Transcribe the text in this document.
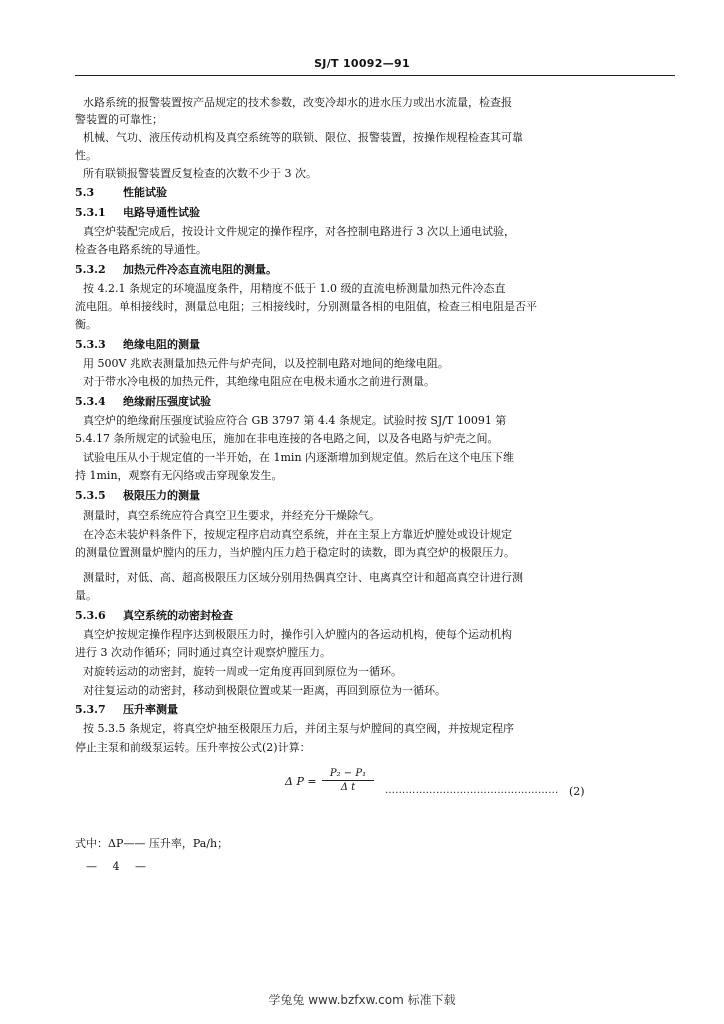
SJ/T 10092—91
水路系统的报警装置按产品规定的技术参数，改变冷却水的进水压力或出水流量，检查报
警装置的可靠性；
机械、气功、液压传动机构及真空系统等的联锁、限位、报警装置，按操作规程检查其可靠
性。
所有联锁报警装置反复检查的次数不少于 3 次。
5.3	性能试验
5.3.1 电路导通性试验
真空炉装配完成后，按设计文件规定的操作程序，对各控制电路进行 3 次以上通电试验，
检查各电路系统的导通性。
5.3.2 加热元件冷态直流电阻的测量。
按 4.2.1 条规定的环境温度条件，用精度不低于 1.0 级的直流电桥测量加热元件冷态直
流电阻。单相接线时，测量总电阻；三相接线时，分别测量各相的电阻值，检查三相电阻是否平
衡。
5.3.3 绝缘电阻的测量
用 500V 兆欧表测量加热元件与炉壳间，以及控制电路对地间的绝缘电阻。
对于带水冷电极的加热元件，其绝缘电阻应在电极未通水之前进行测量。
5.3.4 绝缘耐压强度试验
真空炉的绝缘耐压强度试验应符合 GB 3797 第 4.4 条规定。试验时按 SJ/T 10091 第
5.4.17 条所规定的试验电压，施加在非电连接的各电路之间，以及各电路与炉壳之间。
试验电压从小于规定值的一半开始，在 1min 内逐渐增加到规定值。然后在这个电压下维
持 1min，观察有无闪络或击穿现象发生。
5.3.5 极限压力的测量
测量时，真空系统应符合真空卫生要求，并经充分干燥除气。
在冷态未装炉料条件下，按规定程序启动真空系统，并在主泵上方靠近炉膛处或设计规定
的测量位置测量炉膛内的压力，当炉膛内压力趋于稳定时的读数，即为真空炉的极限压力。
测量时，对低、高、超高极限压力区域分别用热偶真空计、电离真空计和超高真空计进行测
量。
5.3.6 真空系统的动密封检查
真空炉按规定操作程序达到极限压力时，操作引入炉膛内的各运动机构，使每个运动机构
进行 3 次动作循环；同时通过真空计观察炉膛压力。
对旋转运动的动密封，旋转一周或一定角度再回到原位为一循环。
对往复运动的动密封，移动到极限位置或某一距离，再回到原位为一循环。
5.3.7 压升率测量
按 5.3.5 条规定，将真空炉抽至极限压力后，并闭主泵与炉膛间的真空阀，并按规定程序
停止主泵和前级泵运转。压升率按公式(2)计算：
Δ $P = \frac{\text{P₂ − P₁}}{\text{Δ t}}$ …………………………………………… (2)
式中：ΔP—— 压升率，Pa/h；
— 4 —
学兔兔 www.bzfxw.com 标准下载
